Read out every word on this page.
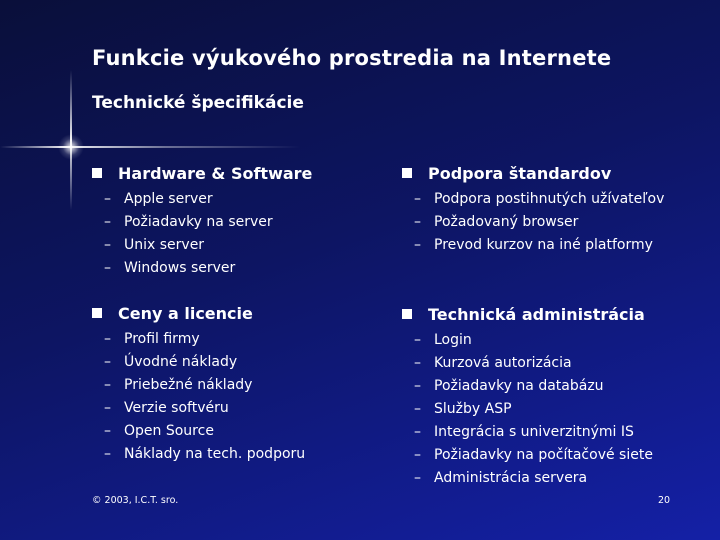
Funkcie výukového prostredia na Internete
Technické špecifikácie
Hardware & Software
– Apple server
– Požiadavky na server
– Unix server
– Windows server
Ceny a licencie
– Profil firmy
– Úvodné náklady
– Priebežné náklady
– Verzie softvéru
– Open Source
– Náklady na tech. podporu
Podpora štandardov
– Podpora postihnutých užívateľov
– Požadovaný browser
– Prevod kurzov na iné platformy
Technická administrácia
– Login
– Kurzová autorizácia
– Požiadavky na databázu
– Služby ASP
– Integrácia s univerzitnými IS
– Požiadavky na počítačové siete
– Administrácia servera
© 2003, I.C.T. sro.	20
